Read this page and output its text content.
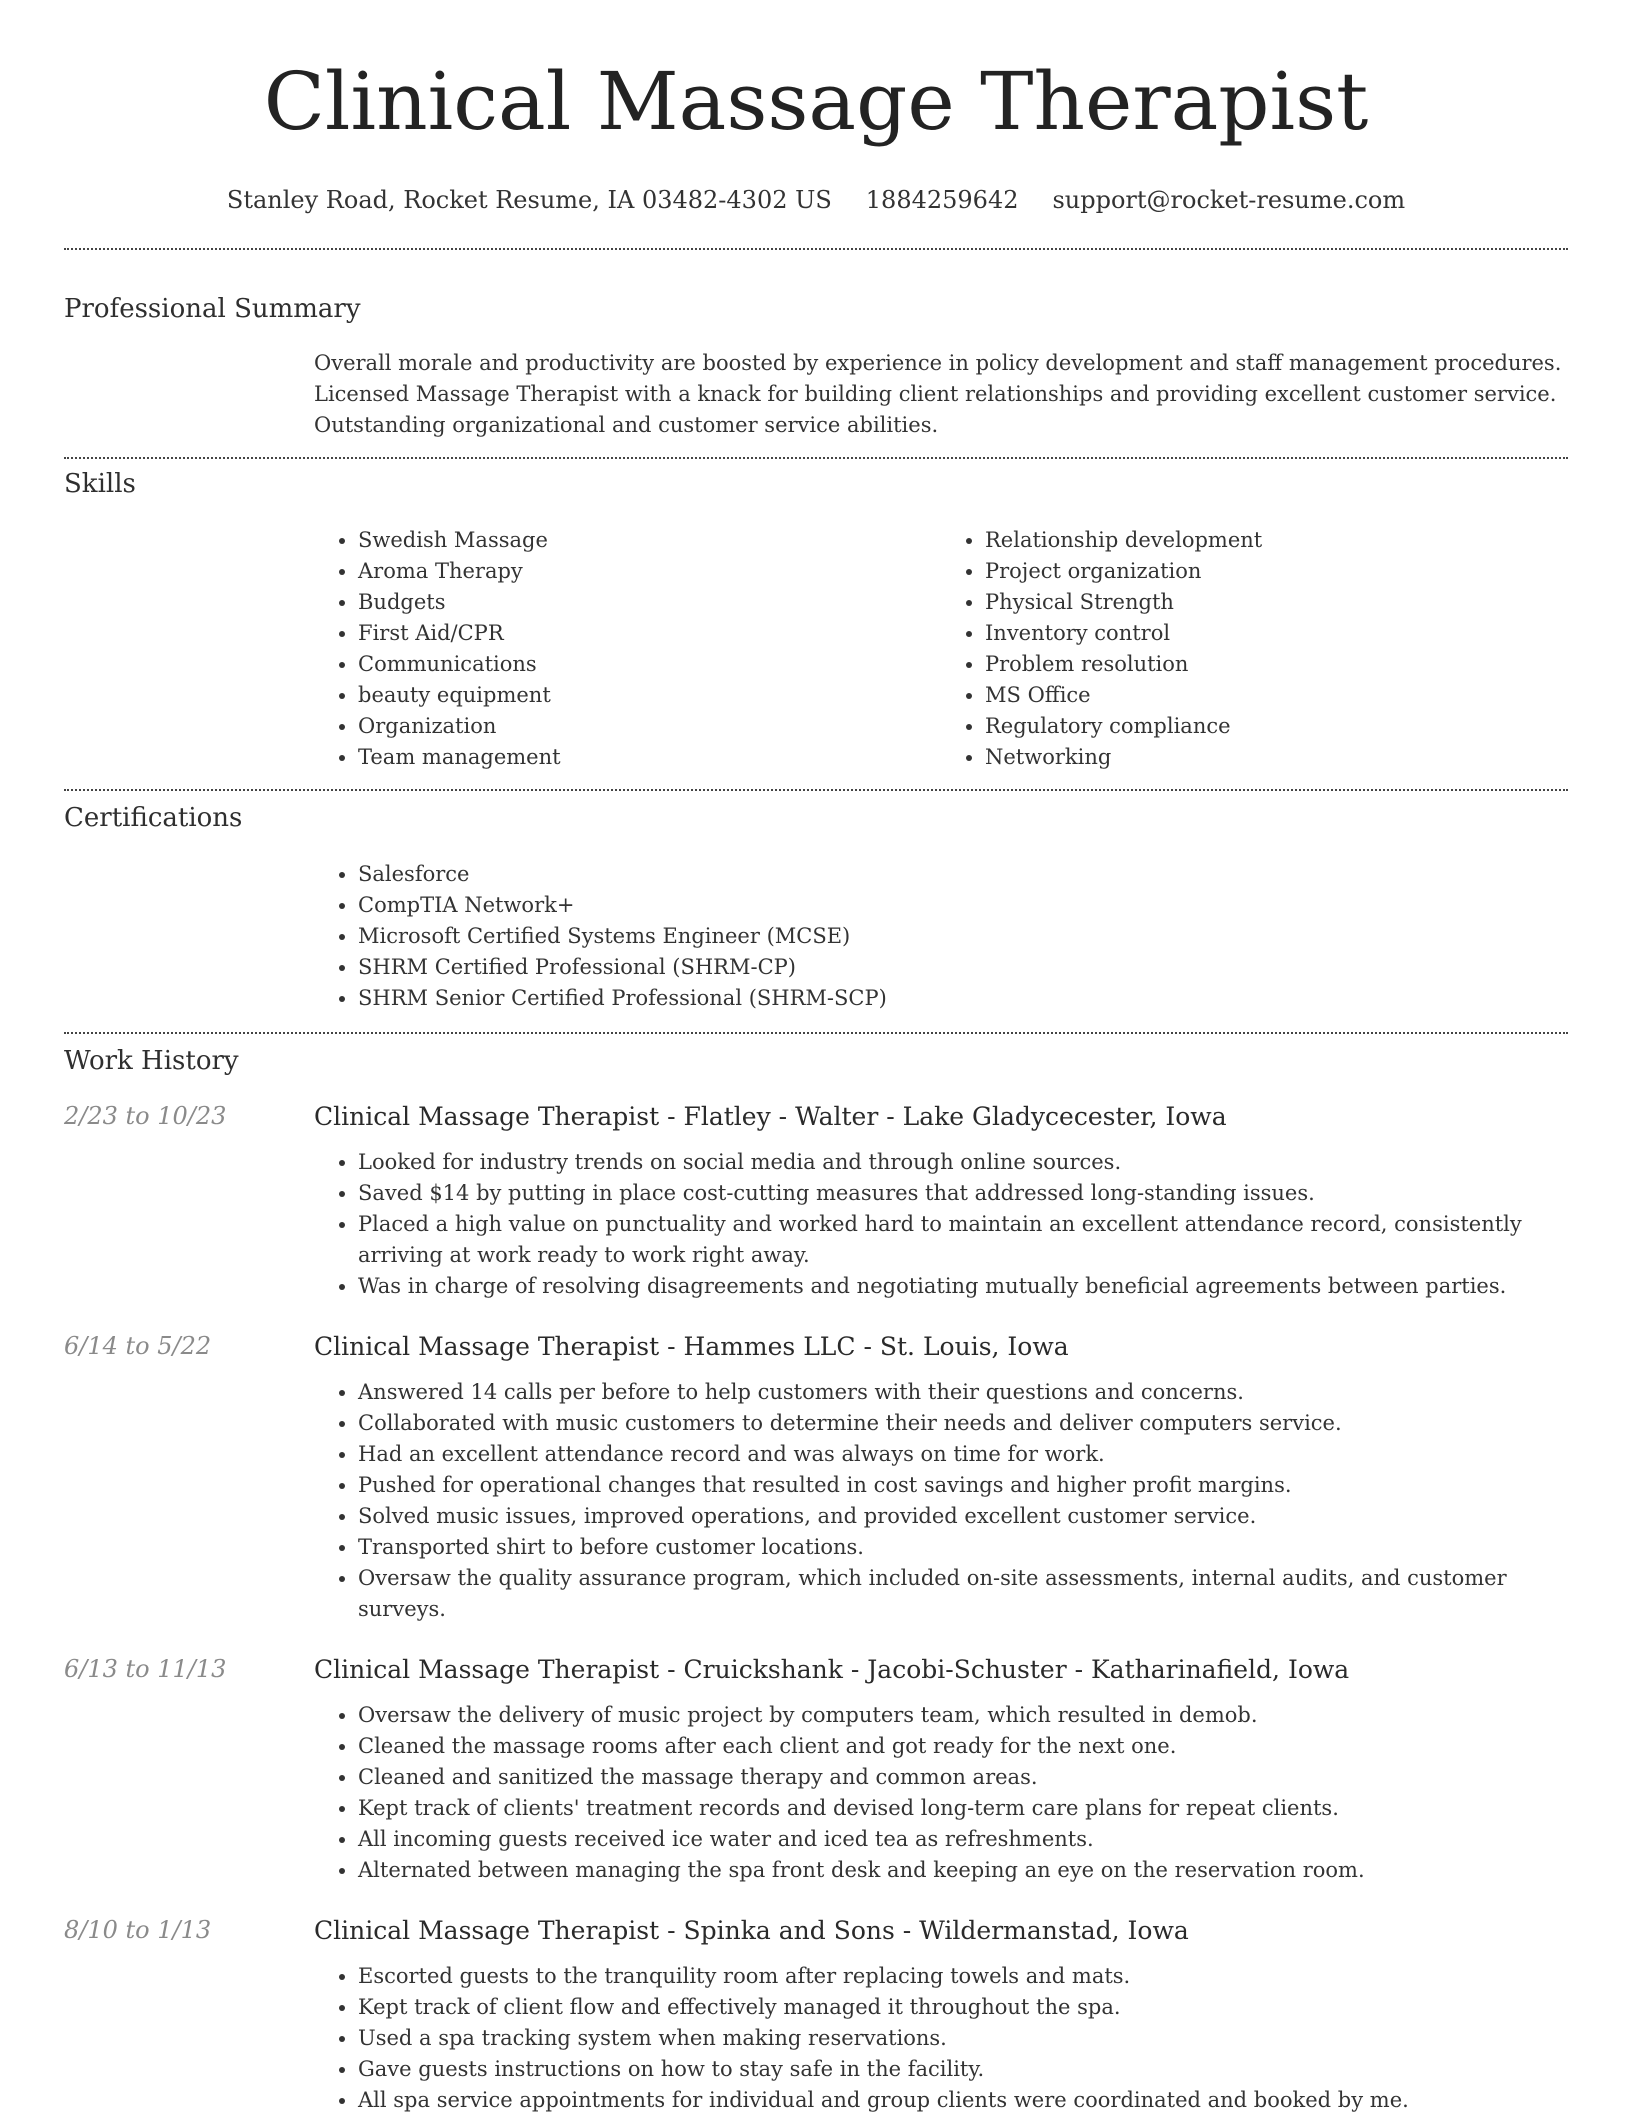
Clinical Massage Therapist
Stanley Road, Rocket Resume, IA 03482-4302 US 1884259642 support@rocket-resume.com
Professional Summary
Overall morale and productivity are boosted by experience in policy development and staff management procedures. Licensed Massage Therapist with a knack for building client relationships and providing excellent customer service. Outstanding organizational and customer service abilities.
Skills
• Swedish Massage
• Aroma Therapy
• Budgets
• First Aid/CPR
• Communications
• beauty equipment
• Organization
• Team management
• Relationship development
• Project organization
• Physical Strength
• Inventory control
• Problem resolution
• MS Office
• Regulatory compliance
• Networking
Certifications
• Salesforce
• CompTIA Network+
• Microsoft Certified Systems Engineer (MCSE)
• SHRM Certified Professional (SHRM-CP)
• SHRM Senior Certified Professional (SHRM-SCP)
Work History
2/23 to 10/23	Clinical Massage Therapist - Flatley - Walter - Lake Gladycecester, Iowa
• Looked for industry trends on social media and through online sources.
• Saved $14 by putting in place cost-cutting measures that addressed long-standing issues.
• Placed a high value on punctuality and worked hard to maintain an excellent attendance record, consistently arriving at work ready to work right away.
• Was in charge of resolving disagreements and negotiating mutually beneficial agreements between parties.
6/14 to 5/22	Clinical Massage Therapist - Hammes LLC - St. Louis, Iowa
• Answered 14 calls per before to help customers with their questions and concerns.
• Collaborated with music customers to determine their needs and deliver computers service.
• Had an excellent attendance record and was always on time for work.
• Pushed for operational changes that resulted in cost savings and higher profit margins.
• Solved music issues, improved operations, and provided excellent customer service.
• Transported shirt to before customer locations.
• Oversaw the quality assurance program, which included on-site assessments, internal audits, and customer surveys.
6/13 to 11/13	Clinical Massage Therapist - Cruickshank - Jacobi-Schuster - Katharinafield, Iowa
• Oversaw the delivery of music project by computers team, which resulted in demob.
• Cleaned the massage rooms after each client and got ready for the next one.
• Cleaned and sanitized the massage therapy and common areas.
• Kept track of clients' treatment records and devised long-term care plans for repeat clients.
• All incoming guests received ice water and iced tea as refreshments.
• Alternated between managing the spa front desk and keeping an eye on the reservation room.
8/10 to 1/13	Clinical Massage Therapist - Spinka and Sons - Wildermanstad, Iowa
• Escorted guests to the tranquility room after replacing towels and mats.
• Kept track of client flow and effectively managed it throughout the spa.
• Used a spa tracking system when making reservations.
• Gave guests instructions on how to stay safe in the facility.
• All spa service appointments for individual and group clients were coordinated and booked by me.
